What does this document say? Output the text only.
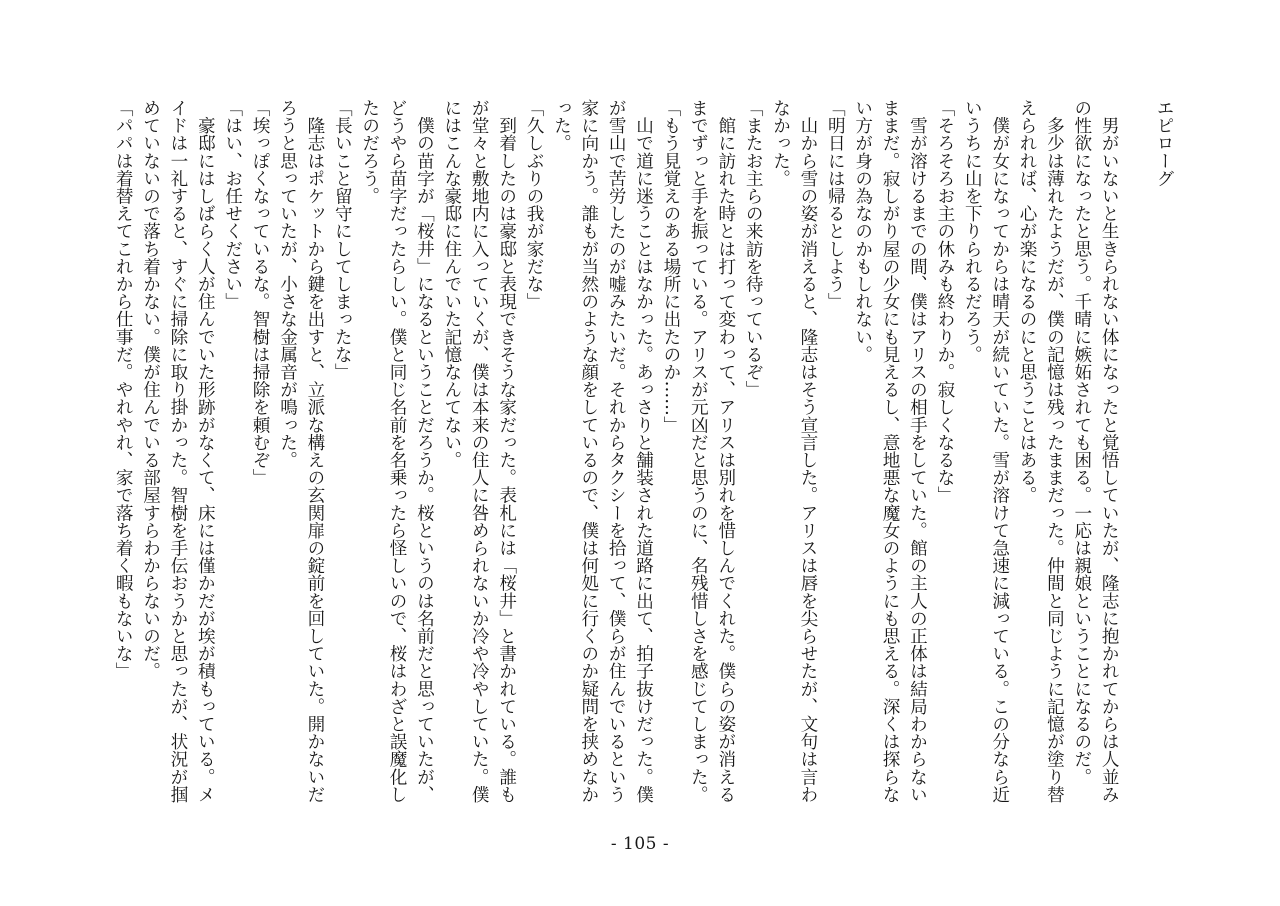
エピローグ
　男がいないと生きられない体になったと覚悟していたが、隆志に抱かれてからは人並み
の性欲になったと思う。千晴に嫉妬されても困る。一応は親娘ということになるのだ。
　多少は薄れたようだが、僕の記憶は残ったままだった。仲間と同じように記憶が塗り替
えられれば、心が楽になるのにと思うことはある。
　僕が女になってからは晴天が続いていた。雪が溶けて急速に減っている。この分なら近
いうちに山を下りられるだろう。
「そろそろお主の休みも終わりか。寂しくなるな」
　雪が溶けるまでの間、僕はアリスの相手をしていた。館の主人の正体は結局わからない
ままだ。寂しがり屋の少女にも見えるし、意地悪な魔女のようにも思える。深くは探らな
い方が身の為なのかもしれない。
「明日には帰るとしよう」
　山から雪の姿が消えると、隆志はそう宣言した。アリスは唇を尖らせたが、文句は言わ
なかった。
「またお主らの来訪を待っているぞ」
　館に訪れた時とは打って変わって、アリスは別れを惜しんでくれた。僕らの姿が消える
までずっと手を振っている。アリスが元凶だと思うのに、名残惜しさを感じてしまった。
「もう見覚えのある場所に出たのか……」
　山で道に迷うことはなかった。あっさりと舗装された道路に出て、拍子抜けだった。僕
が雪山で苦労したのが嘘みたいだ。それからタクシーを拾って、僕らが住んでいるという
家に向かう。誰もが当然のような顔をしているので、僕は何処に行くのか疑問を挟めなか
った。
「久しぶりの我が家だな」
　到着したのは豪邸と表現できそうな家だった。表札には「桜井」と書かれている。誰も
が堂々と敷地内に入っていくが、僕は本来の住人に咎められないか冷や冷やしていた。僕
にはこんな豪邸に住んでいた記憶なんてない。
　僕の苗字が「桜井」になるということだろうか。桜というのは名前だと思っていたが、
どうやら苗字だったらしい。僕と同じ名前を名乗ったら怪しいので、桜はわざと誤魔化し
たのだろう。
「長いこと留守にしてしまったな」
　隆志はポケットから鍵を出すと、立派な構えの玄関扉の錠前を回していた。開かないだ
ろうと思っていたが、小さな金属音が鳴った。
「埃っぽくなっているな。智樹は掃除を頼むぞ」
「はい、お任せください」
　豪邸にはしばらく人が住んでいた形跡がなくて、床には僅かだが埃が積もっている。メ
イドは一礼すると、すぐに掃除に取り掛かった。智樹を手伝おうかと思ったが、状況が掴
めていないので落ち着かない。僕が住んでいる部屋すらわからないのだ。
「パパは着替えてこれから仕事だ。やれやれ、家で落ち着く暇もないな」
- 105 -
